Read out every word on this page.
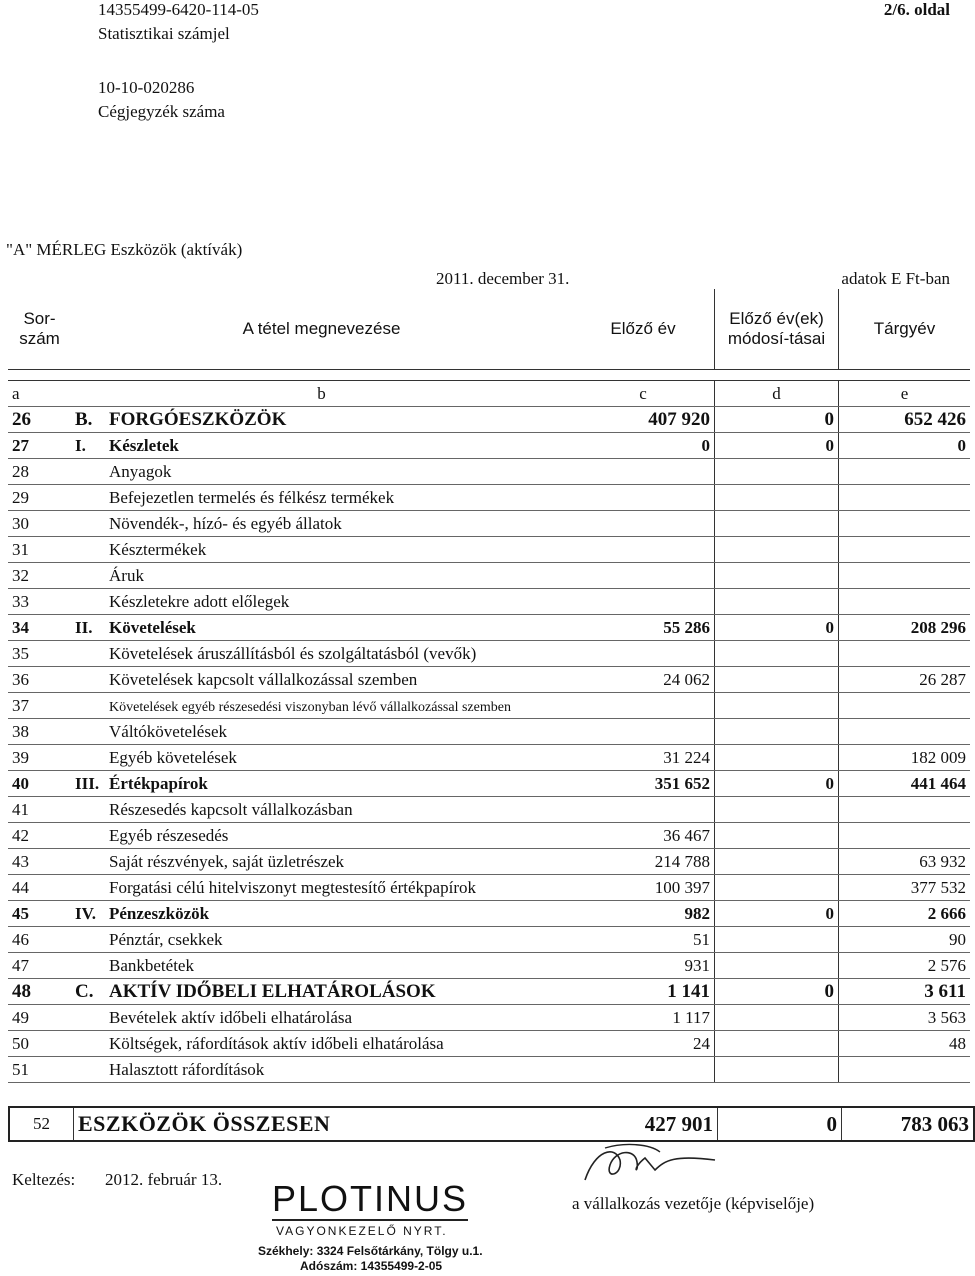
14355499-6420-114-05
Statisztikai számjel
2/6. oldal
10-10-020286
Cégjegyzék száma
"A" MÉRLEG Eszközök (aktívák)
2011. december 31.	adatok E Ft-ban
Sor-
szám	A tétel megnevezése	Előző év	Előző év(ek)
módosí-tásai	Tárgyév

a	b	c	d	e
26	B. FORGÓESZKÖZÖK	407 920	0	652 426
27	I. Készletek	0	0	0
28	Anyagok			
29	Befejezetlen termelés és félkész termékek			
30	Növendék-, hízó- és egyéb állatok			
31	Késztermékek			
32	Áruk			
33	Készletekre adott előlegek			
34	II. Követelések	55 286	0	208 296
35	Követelések áruszállításból és szolgáltatásból (vevők)			
36	Követelések kapcsolt vállalkozással szemben	24 062		26 287
37	Követelések egyéb részesedési viszonyban lévő vállalkozással szemben			
38	Váltókövetelések			
39	Egyéb követelések	31 224		182 009
40	III. Értékpapírok	351 652	0	441 464
41	Részesedés kapcsolt vállalkozásban			
42	Egyéb részesedés	36 467		
43	Saját részvények, saját üzletrészek	214 788		63 932
44	Forgatási célú hitelviszonyt megtestesítő értékpapírok	100 397		377 532
45	IV. Pénzeszközök	982	0	2 666
46	Pénztár, csekkek	51		90
47	Bankbetétek	931		2 576
48	C. AKTÍV IDŐBELI ELHATÁROLÁSOK	1 141	0	3 611
49	Bevételek aktív időbeli elhatárolása	1 117		3 563
50	Költségek, ráfordítások aktív időbeli elhatárolása	24		48
51	Halasztott ráfordítások			
52	ESZKÖZÖK ÖSSZESEN	427 901	0	783 063
Keltezés: 2012. február 13.
a vállalkozás vezetője (képviselője)
PLOTINUS
VAGYONKEZELŐ NYRT.
Székhely: 3324 Felsőtárkány, Tölgy u.1.
Adószám: 14355499-2-05
